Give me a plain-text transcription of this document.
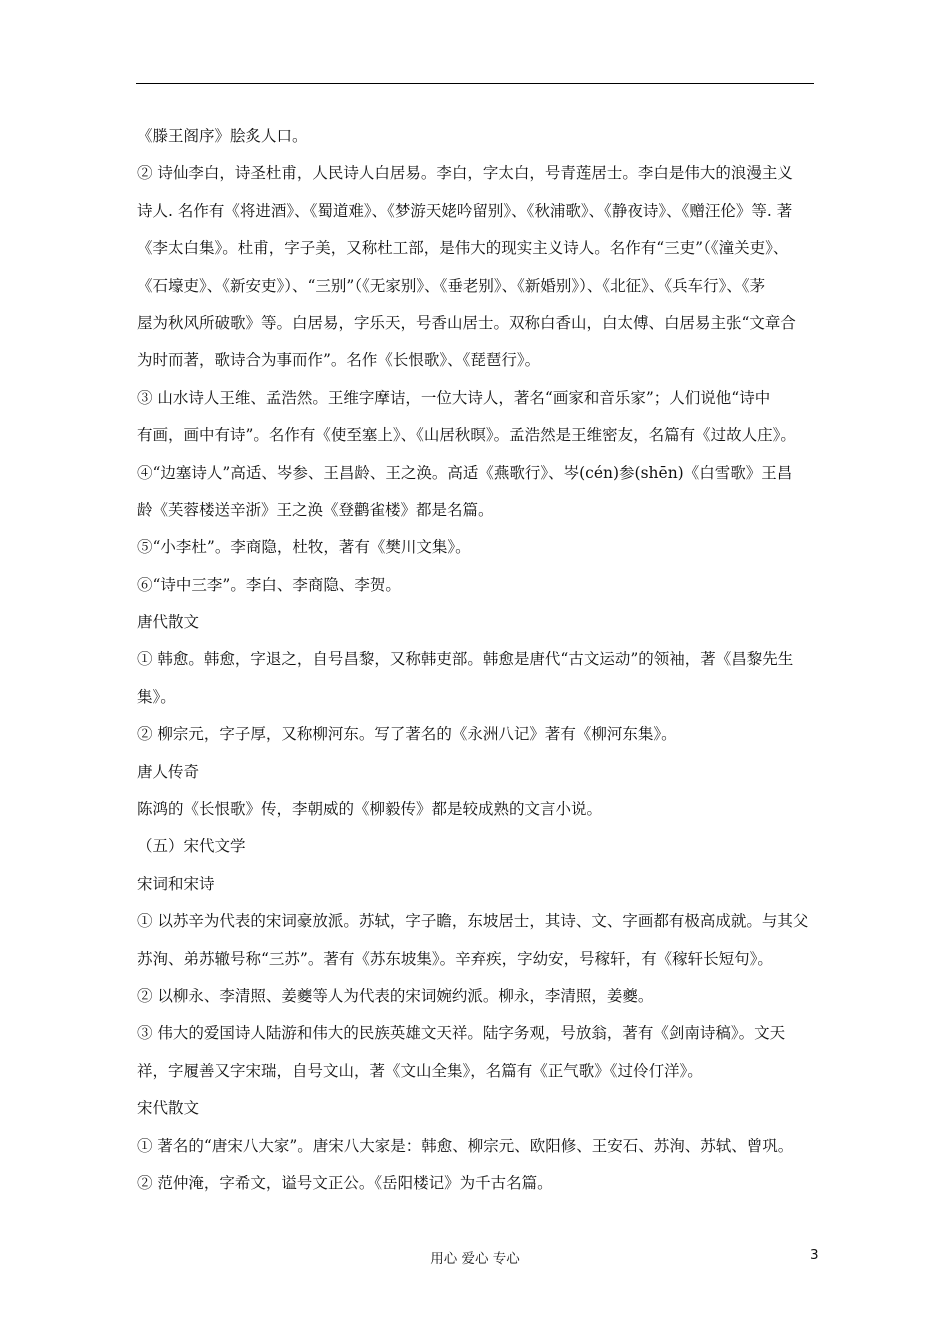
《滕王阁序》脍炙人口。
② 诗仙李白，诗圣杜甫，人民诗人白居易。李白，字太白，号青莲居士。李白是伟大的浪漫主义
诗人. 名作有《将进酒》、《蜀道难》、《梦游天姥吟留别》、《秋浦歌》、《静夜诗》、《赠汪伦》等. 著
《李太白集》。杜甫，字子美，又称杜工部，是伟大的现实主义诗人。名作有“三吏”（《潼关吏》、
《石壕吏》、《新安吏》）、“三别”（《无家别》、《垂老别》、《新婚别》）、《北征》、《兵车行》、《茅
屋为秋风所破歌》等。白居易，字乐天，号香山居士。双称白香山，白太傅、白居易主张“文章合
为时而著，歌诗合为事而作”。名作《长恨歌》、《琵琶行》。
③ 山水诗人王维、孟浩然。王维字摩诘，一位大诗人，著名“画家和音乐家”；人们说他“诗中
有画，画中有诗”。名作有《使至塞上》、《山居秋暝》。孟浩然是王维密友，名篇有《过故人庄》。
④“边塞诗人”高适、岑参、王昌龄、王之涣。高适《燕歌行》、岑(cén)参(shēn)《白雪歌》王昌
龄《芙蓉楼送辛浙》王之涣《登鹳雀楼》都是名篇。
⑤“小李杜”。李商隐，杜牧，著有《樊川文集》。
⑥“诗中三李”。李白、李商隐、李贺。
唐代散文
① 韩愈。韩愈，字退之，自号昌黎，又称韩吏部。韩愈是唐代“古文运动”的领袖，著《昌黎先生
集》。
② 柳宗元，字子厚，又称柳河东。写了著名的《永洲八记》著有《柳河东集》。
唐人传奇
陈鸿的《长恨歌》传，李朝威的《柳毅传》都是较成熟的文言小说。
（五）宋代文学
宋词和宋诗
① 以苏辛为代表的宋词豪放派。苏轼，字子瞻，东坡居士，其诗、文、字画都有极高成就。与其父
苏洵、弟苏辙号称“三苏”。著有《苏东坡集》。辛弃疾，字幼安，号稼轩，有《稼轩长短句》。
② 以柳永、李清照、姜夔等人为代表的宋词婉约派。柳永，李清照，姜夔。
③ 伟大的爱国诗人陆游和伟大的民族英雄文天祥。陆字务观，号放翁，著有《剑南诗稿》。文天
祥，字履善又字宋瑞，自号文山，著《文山全集》，名篇有《正气歌》《过伶仃洋》。
宋代散文
① 著名的“唐宋八大家”。唐宋八大家是：韩愈、柳宗元、欧阳修、王安石、苏洵、苏轼、曾巩。
② 范仲淹，字希文，谥号文正公。《岳阳楼记》为千古名篇。
用心 爱心 专心	3
